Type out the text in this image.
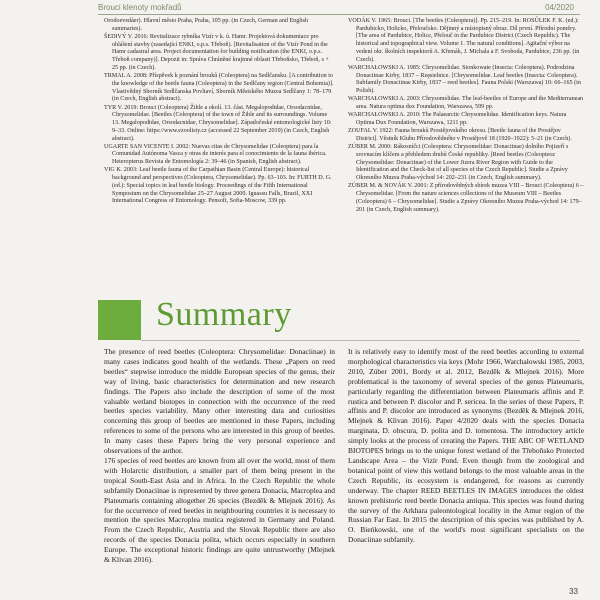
Brouci klenoty mokřadů	04/2020

Orodoevedáer). Hlavní město Praha, Praha, 105 pp. (in Czech, German and English summaries).

ŠEDIVÝ V. 2016: Revitalizace rybníka Vizír v k. ú. Hamr. Projektová dokumentace pro ohlášení stavby (zasedající ENKI, o.p.s. Třeboň). [Revitalisation of the Vizír Pond in the Hamr cadastral area. Project documentation for building notification (the ENKI, o.p.s. Třeboň company)]. Depozit in: Správa Chráněné krajinné oblasti Třeboňsko, Třeboň, s + 25 pp. (in Czech).

TRMAL A. 2008: Příspěvek k poznání brouků (Coleoptera) na Sedlčansku. [A contribution to the knowledge of the beetle fauna (Coleoptera) in the Sedlčany region (Central Bohemia)]. Vlastivědný Sborník Sedlčanska Povltaví, Sborník Městského Muzea Sedlčany 1: 78–179 (in Czech, English abstract).

TYR V. 2019: Brouci (Coleoptera) Žihle a okolí. 13. část. Megalopodidae, Orsodacnidae, Chrysomelidae. [Beetles (Coleoptera) of the town of Žihle and its surroundings. Volume 13. Megalopodidae, Orsodacnidae, Chrysomelidae]. Západočeské entomologické listy 10: 9–33. Online: https://www.ezoolisty.cz (accessed 22 September 2019) (in Czech, English abstract).

UGARTE SAN VICENTE I. 2002: Nuevas citas de Chrysomelidae (Coleoptera) para la Comunidad Autónoma Vasca y otras de interés para el conocimiento de la fauna ibérica. Heteropterus Revista de Entomología 2: 39–46 (in Spanish, English abstract).

VIG K. 2003: Leaf beetle fauna of the Carpathian Basin (Central Europe): historical background and perspectives (Coleoptera, Chrysomelidae). Pp. 63–103. In: FURTH D. G. (ed.): Special topics in leaf beetle biology. Proceedings of the Fifth International Symposium on the Chrysomelidae 25–27 August 2000. Iguassu Falls, Brazil, XXI International Congress of Entomology. Pensoft, Sofia-Moscow, 339 pp.

VODÁK V. 1965: Brouci. [The beetles (Coleoptera)]. Pp. 215–219. In: ROSŮLEK F. K. (ed.): Pardubicko, Holicko, Přeloučsko. Dějinný a místopisný obraz. Díl první. Přírodní poměry. [The area of Pardubice, Holice, Přelouč in the Pardubice District (Czech Republic). The historical and topographical view. Volume 1. The natural conditions]. Agitační výbor na vedení okr. školních inspektorů A. Křemák, J. Michala a F. Svoboda, Pardubice, 236 pp. (in Czech).

WARCHAŁOWSKI A. 1985: Chrysomelidae. Stonkowate (Insecta: Coleoptera). Podrodzina Donaciinae Kirby, 1837 – Rzęsielnice. [Chrysomelidae. Leaf beetles (Insecta: Coleoptera). Subfamily Donaciinae Kirby, 1837 – reed beetles]. Fauna Polski (Warszawa) 10: 66–165 (in Polish).

WARCHAŁOWSKI A. 2003: Chrysomelidae. The leaf-beetles of Europe and the Mediterranean area. Natura optima dux Foundation, Warszawa, 599 pp.

WARCHAŁOWSKI A. 2010: The Palaearctic Chrysomelidae. Identification keys. Natura Optima Dux Foundation, Warszawa, 1211 pp.

ZOUFAL V. 1922: Fauna brouků Prostějovského okresu. [Beetle fauna of the Prostějov District]. Věstník Klubu Přírodovědného v Prostějově 18 (1920–1922): 5–21 (in Czech).

ZÚBER M. 2000: Rákosníčci (Coleoptera: Chrysomelidae: Donaciinae) dolního Pojizeří s srovnacím klíčem a přehledem druhů České republiky. [Reed beetles (Coleoptera: Chrysomelidae: Donaciinae) of the Lower Jizera River Region with Guide to the Identification and the Check-list of all species of the Czech Republic]. Studie a Zprávy Okresního Muzea Praha-východ 14: 202–231 (in Czech, English summary).

ZÚBER M. & NOVÁK V. 2001: Z přírodovědných sbírek muzea VIII – Brouci (Coleoptera) 6 – Chrysomelidae. [From the nature sciences collections of the Museum VIII – Beetles (Coleoptera) 6 – Chrysomelidae]. Studie a Zprávy Okresního Muzea Praha-východ 14: 179–201 (in Czech, English summary).

Summary

The presence of reed beetles (Coleoptera: Chrysomelidae: Donaciinae) in many cases indicates good health of the wetlands. These „Papers on reed beetles“ stepwise introduce the middle European species of the genus, their way of living, basic characteristics for determination and new research findings. The Papers also include the description of some of the most valuable wetland biotopes in connection with the occurrence of the reed beetles species variability. Many other interesting data and curiosities concerning this group of beetles are mentioned in these Papers, including references to some of the persons who are interested in this group of beetles. In many cases these Papers bring the very personal experience and observations of the author.

176 species of reed beetles are known from all over the world, most of them with Holarctic distribution, a smaller part of them being present in the tropical South-East Asia and in Africa. In the Czech Republic the whole subfamily Donaciinae is represented by three genera Donacia, Macroplea and Plateumaris containing altogether 26 species (Bezděk & Mlejnek 2016). As for the occurrence of reed beetles in neighbouring countries it is necessary to mention the species Macroplea mutica registered in Germany and Poland. From the Czech Republic, Austria and the Slovak Republic there are also records of the species Donacia polita, which occurs especially in southern Europe. The exceptional historic findings are quite untrustworthy (Mlejnek & Klivan 2016).

It is relatively easy to identify most of the reed beetles according to external morphological characteristics via keys (Mohr 1966, Warchałowski 1985, 2003, 2010, Zúber 2001, Bordy et al. 2012, Bezděk & Mlejnek 2016). More problematical is the taxonomy of several species of the genus Plateumaris, particularly regarding the differentiation between Plateumaris affinis and P. rustica and between P. discolor and P. sericea. In the series of these Papers, P. affinis and P. discolor are introduced as synonyms (Bezděk & Mlejnek 2016, Mlejnek & Klivan 2016). Paper 4/2020 deals with the species Donacia marginata, D. obscura, D. polita and D. tomentosa. The introductory article simply looks at the process of creating the Papers. THE ABC OF WETLAND BIOTOPES brings us to the unique forest wetland of the Třeboňsko Protected Landscape Area – the Vizír Pond. Even though from the zoological and botanical point of view this wetland belongs to the most valuable areas in the Czech Republic, its ecosystem is endangered, for reasons as currently underway. The chapter REED BEETLES IN IMAGES introduces the oldest known prehistoric reed beetle Donacia antiqua. This species was found during the survey of the Arkhara paleontological locality in the Amur region of the Russian Far East. In 2015 the description of this species was published by A. O. Bieńkowski, one of the world's most significant specialists on the Donaciinae subfamily.

33
